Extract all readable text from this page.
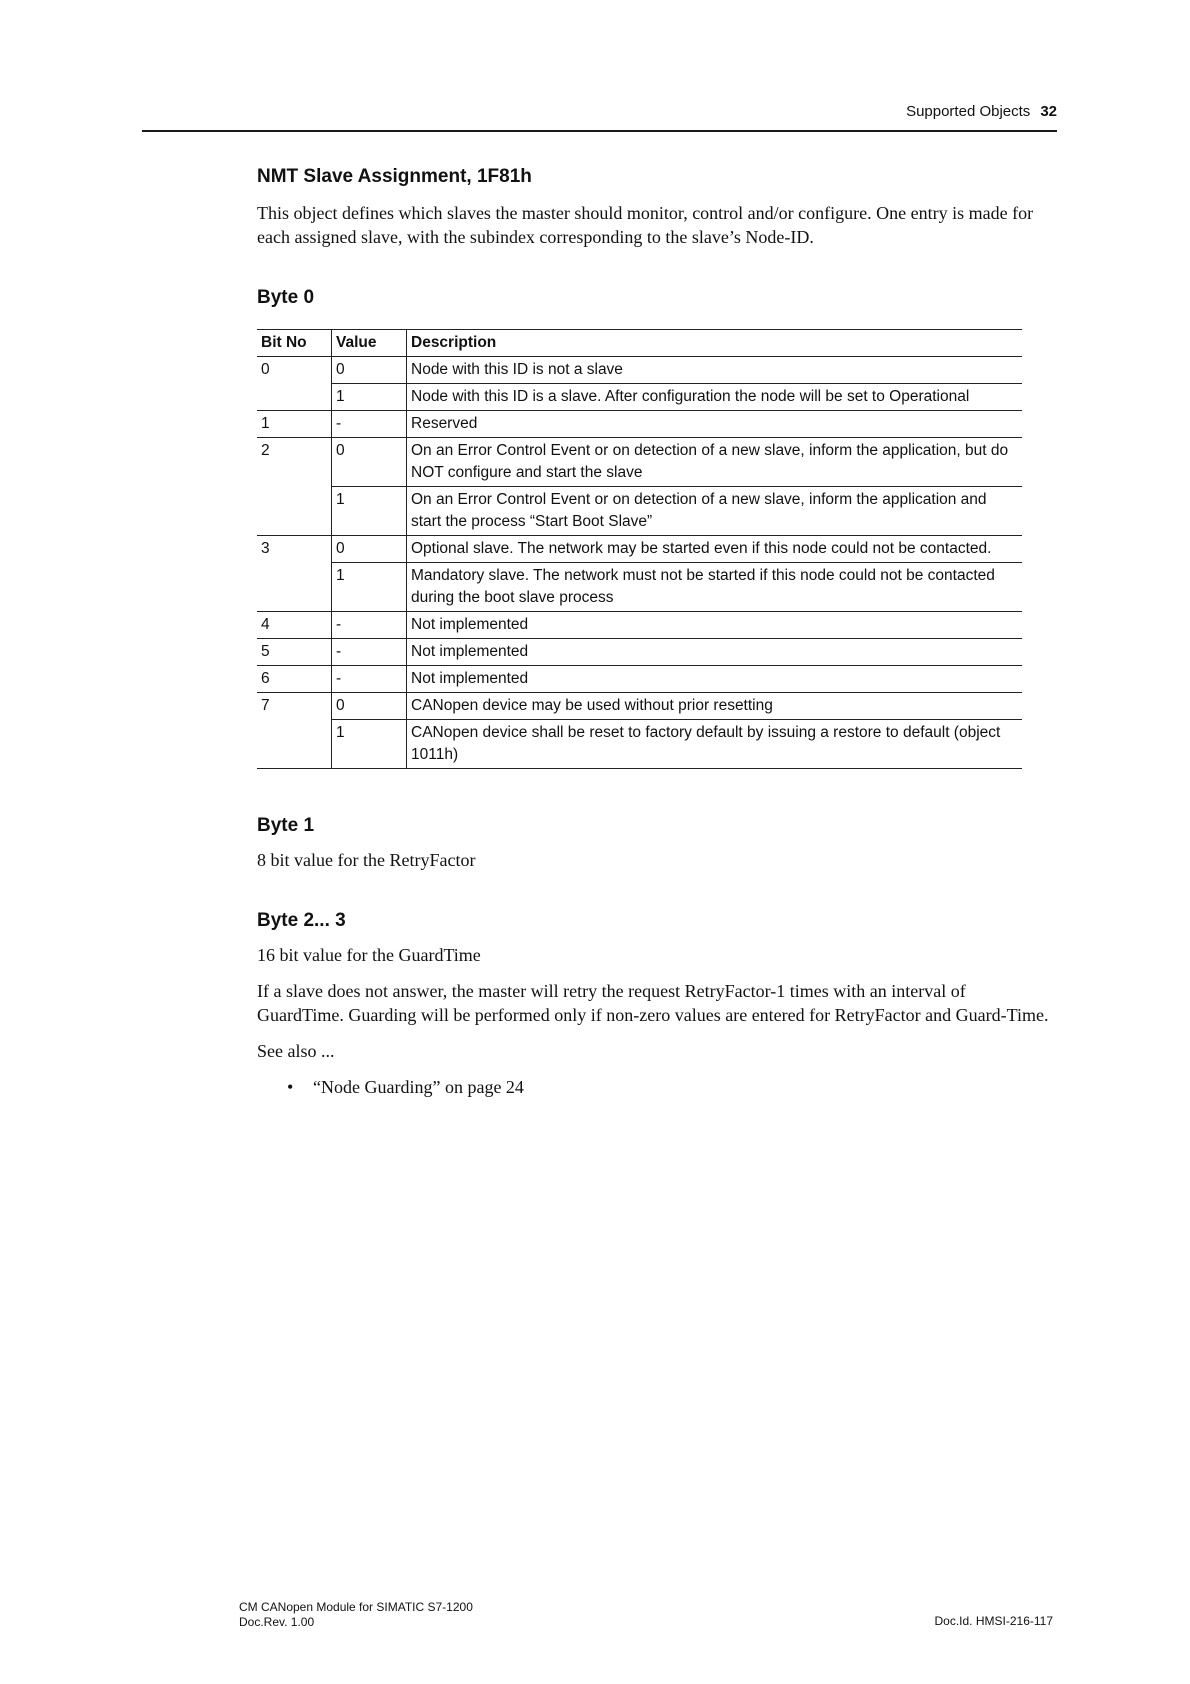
Supported Objects 32
NMT Slave Assignment, 1F81h

This object defines which slaves the master should monitor, control and/or configure. One entry is made for each assigned slave, with the subindex corresponding to the slave’s Node-ID.

Byte 0
Bit No	Value	Description
0	0	Node with this ID is not a slave
	1	Node with this ID is a slave. After configuration the node will be set to Operational
1	-	Reserved
2	0	On an Error Control Event or on detection of a new slave, inform the application, but do NOT configure and start the slave
	1	On an Error Control Event or on detection of a new slave, inform the application and start the process “Start Boot Slave”
3	0	Optional slave. The network may be started even if this node could not be contacted.
	1	Mandatory slave. The network must not be started if this node could not be contacted during the boot slave process
4	-	Not implemented
5	-	Not implemented
6	-	Not implemented
7	0	CANopen device may be used without prior resetting
	1	CANopen device shall be reset to factory default by issuing a restore to default (object 1011h)
Byte 1

8 bit value for the RetryFactor

Byte 2... 3

16 bit value for the GuardTime

If a slave does not answer, the master will retry the request RetryFactor-1 times with an interval of GuardTime. Guarding will be performed only if non-zero values are entered for RetryFactor and Guard-Time.

See also ...

• “Node Guarding” on page 24
CM CANopen Module for SIMATIC S7-1200
Doc.Rev. 1.00	Doc.Id. HMSI-216-117
